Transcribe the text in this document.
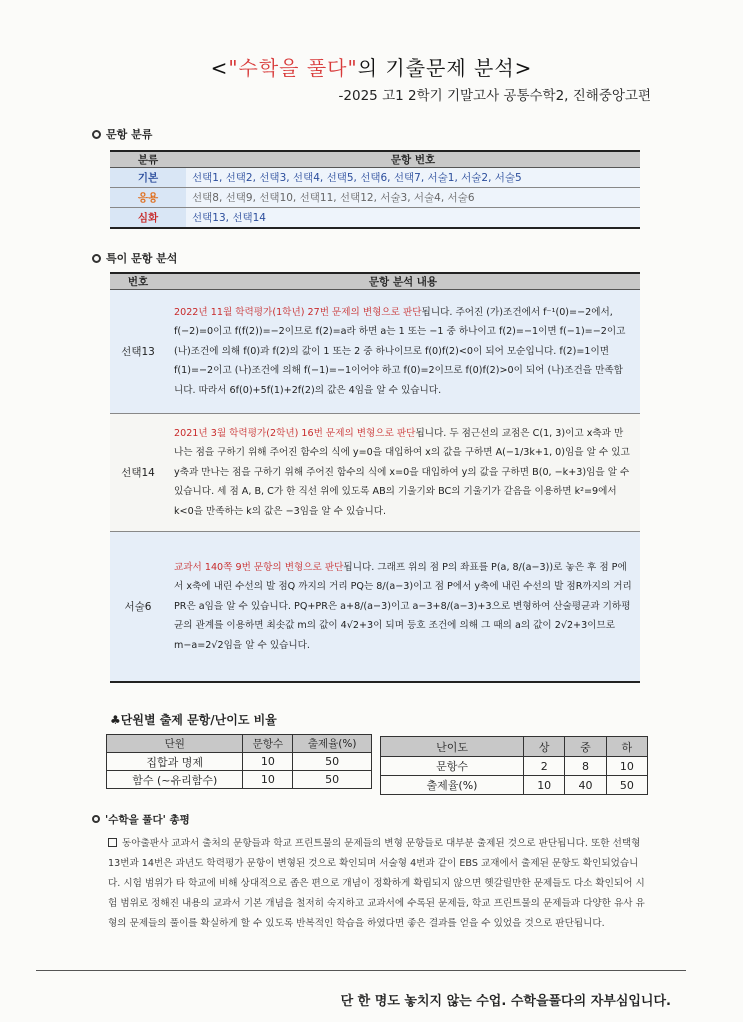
<"수학을 풀다"의 기출문제 분석>
-2025 고1 2학기 기말고사 공통수학2, 진해중앙고편
문항 분류
분류	문항 번호
기본	선택1, 선택2, 선택3, 선택4, 선택5, 선택6, 선택7, 서술1, 서술2, 서술5
응용	선택8, 선택9, 선택10, 선택11, 선택12, 서술3, 서술4, 서술6
심화	선택13, 선택14
특이 문항 분석
번호	문항 분석 내용
선택13	2022년 11월 학력평가(1학년) 27번 문제의 변형으로 판단됩니다. 주어진 (가)조건에서 f⁻¹(0)=−2에서, f(−2)=0이고 f(f(2))=−2이므로 f(2)=a라 하면 a는 1 또는 −1 중 하나이고 f(2)=−1이면 f(−1)=−2이고 (나)조건에 의해 f(0)과 f(2)의 값이 1 또는 2 중 하나이므로 f(0)f(2)<0이 되어 모순입니다. f(2)=1이면 f(1)=−2이고 (나)조건에 의해 f(−1)=−1이어야 하고 f(0)=2이므로 f(0)f(2)>0이 되어 (나)조건을 만족합니다. 따라서 6f(0)+5f(1)+2f(2)의 값은 4임을 알 수 있습니다.
선택14	2021년 3월 학력평가(2학년) 16번 문제의 변형으로 판단됩니다. 두 점근선의 교점은 C(1, 3)이고 x축과 만나는 점을 구하기 위해 주어진 함수의 식에 y=0을 대입하여 x의 값을 구하면 A(−1/3k+1, 0)임을 알 수 있고 y축과 만나는 점을 구하기 위해 주어진 함수의 식에 x=0을 대입하여 y의 값을 구하면 B(0, −k+3)임을 알 수 있습니다. 세 점 A, B, C가 한 직선 위에 있도록 AB의 기울기와 BC의 기울기가 같음을 이용하면 k²=9에서 k<0을 만족하는 k의 값은 −3임을 알 수 있습니다.
서술6	교과서 140쪽 9번 문항의 변형으로 판단됩니다. 그래프 위의 점 P의 좌표를 P(a, 8/(a−3))로 놓은 후 점 P에서 x축에 내린 수선의 발 점Q 까지의 거리 PQ는 8/(a−3)이고 점 P에서 y축에 내린 수선의 발 점R까지의 거리 PR은 a임을 알 수 있습니다. PQ+PR은 a+8/(a−3)이고 a−3+8/(a−3)+3으로 변형하여 산술평균과 기하평균의 관계를 이용하면 최솟값 m의 값이 4√2+3이 되며 등호 조건에 의해 그 때의 a의 값이 2√2+3이므로 m−a=2√2임을 알 수 있습니다.
♣단원별 출제 문항/난이도 비율
단원	문항수	출제율(%)
집합과 명제	10	50
함수 (~유리함수)	10	50
난이도	상	중	하
문항수	2	8	10
출제율(%)	10	40	50
'수학을 풀다' 총평
동아출판사 교과서 출처의 문항들과 학교 프린트물의 문제들의 변형 문항들로 대부분 출제된 것으로 판단됩니다. 또한 선택형 13번과 14번은 과년도 학력평가 문항이 변형된 것으로 확인되며 서술형 4번과 같이 EBS 교재에서 출제된 문항도 확인되었습니다. 시험 범위가 타 학교에 비해 상대적으로 좁은 편으로 개념이 정확하게 확립되지 않으면 헷갈릴만한 문제들도 다소 확인되어 시험 범위로 정해진 내용의 교과서 기본 개념을 철저히 숙지하고 교과서에 수록된 문제들, 학교 프린트물의 문제들과 다양한 유사 유형의 문제들의 풀이를 확실하게 할 수 있도록 반복적인 학습을 하였다면 좋은 결과를 얻을 수 있었을 것으로 판단됩니다.
단 한 명도 놓치지 않는 수업. 수학을풀다의 자부심입니다.
